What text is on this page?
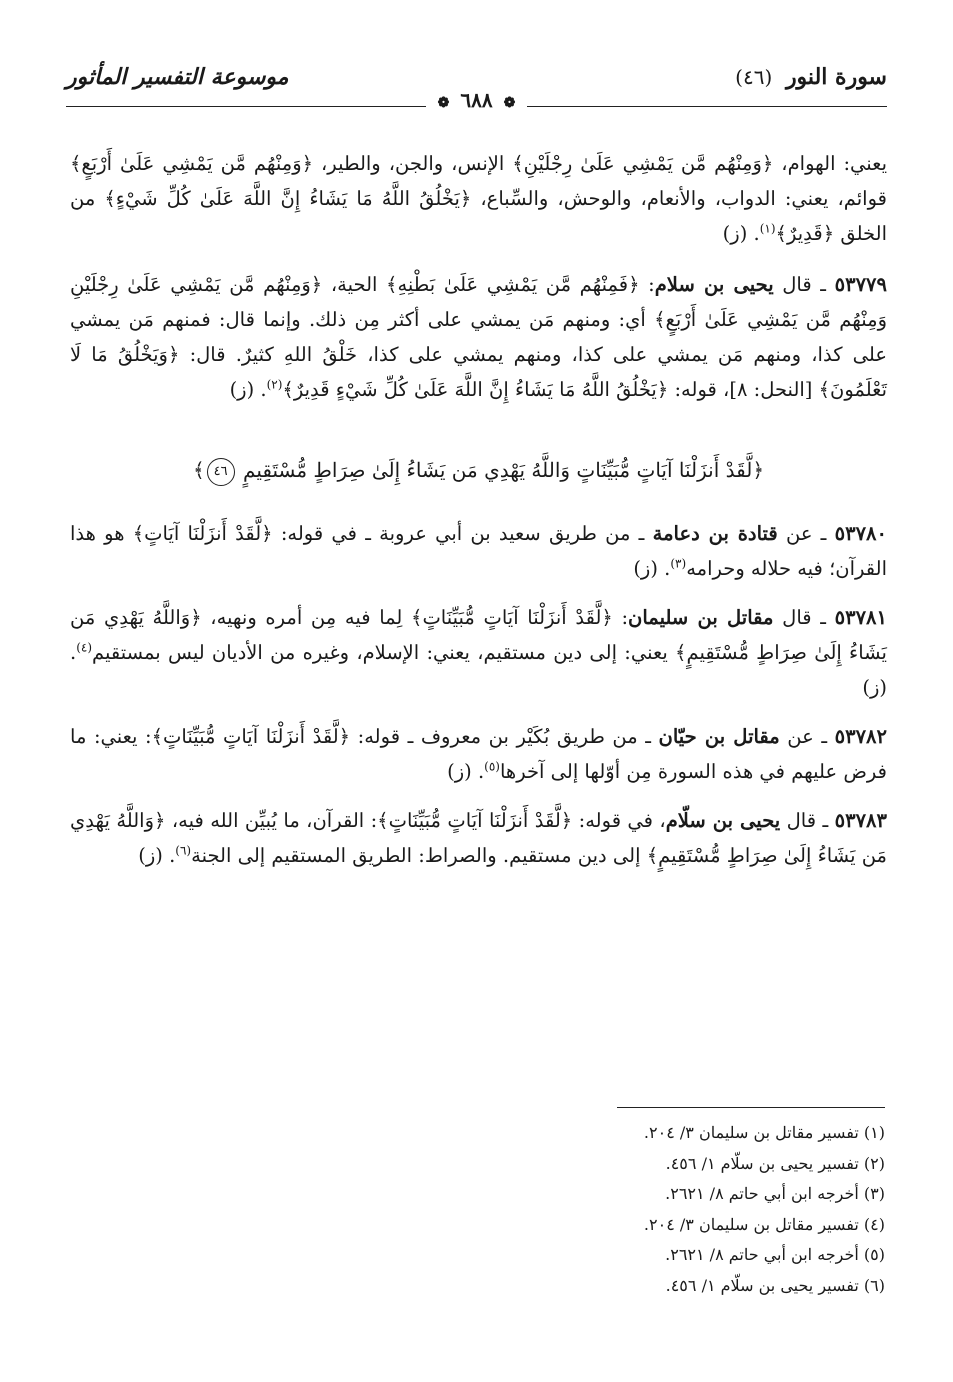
سورة النور (٤٦)
موسوعة التفسير المأثور
❁ ٦٨٨ ❁

يعني: الهوام، ﴿وَمِنْهُم مَّن يَمْشِي عَلَىٰ رِجْلَيْنِ﴾ الإنس، والجن، والطير، ﴿وَمِنْهُم مَّن يَمْشِي عَلَىٰ أَرْبَعٍ﴾ قوائم، يعني: الدواب، والأنعام، والوحش، والسِّباع، ﴿يَخْلُقُ اللَّهُ مَا يَشَاءُ إِنَّ اللَّهَ عَلَىٰ كُلِّ شَيْءٍ﴾ من الخلق ﴿قَدِيرٌ﴾$^{(١)}$. (ز)

٥٣٧٧٩ ـ قال يحيى بن سلام: ﴿فَمِنْهُم مَّن يَمْشِي عَلَىٰ بَطْنِهِ﴾ الحية، ﴿وَمِنْهُم مَّن يَمْشِي عَلَىٰ رِجْلَيْنِ وَمِنْهُم مَّن يَمْشِي عَلَىٰ أَرْبَعٍ﴾ أي: ومنهم مَن يمشي على أكثر مِن ذلك. وإنما قال: فمنهم مَن يمشي على كذا، ومنهم مَن يمشي على كذا، ومنهم يمشي على كذا، خَلْقُ اللهِ كثيرٌ. قال: ﴿وَيَخْلُقُ مَا لَا تَعْلَمُونَ﴾ [النحل: ٨]، قوله: ﴿يَخْلُقُ اللَّهُ مَا يَشَاءُ إِنَّ اللَّهَ عَلَىٰ كُلِّ شَيْءٍ قَدِيرٌ﴾$^{(٢)}$. (ز)

﴿لَّقَدْ أَنزَلْنَا آيَاتٍ مُّبَيِّنَاتٍ وَاللَّهُ يَهْدِي مَن يَشَاءُ إِلَىٰ صِرَاطٍ مُّسْتَقِيمٍ ٤٦﴾

٥٣٧٨٠ ـ عن قتادة بن دعامة ـ من طريق سعيد بن أبي عروبة ـ في قوله: ﴿لَّقَدْ أَنزَلْنَا آيَاتٍ﴾ هو هذا القرآن؛ فيه حلاله وحرامه$^{(٣)}$. (ز)

٥٣٧٨١ ـ قال مقاتل بن سليمان: ﴿لَّقَدْ أَنزَلْنَا آيَاتٍ مُّبَيِّنَاتٍ﴾ لِما فيه مِن أمره ونهيه، ﴿وَاللَّهُ يَهْدِي مَن يَشَاءُ إِلَىٰ صِرَاطٍ مُّسْتَقِيمٍ﴾ يعني: إلى دين مستقيم، يعني: الإسلام، وغيره من الأديان ليس بمستقيم$^{(٤)}$. (ز)

٥٣٧٨٢ ـ عن مقاتل بن حيّان ـ من طريق بُكَيْر بن معروف ـ قوله: ﴿لَّقَدْ أَنزَلْنَا آيَاتٍ مُّبَيِّنَاتٍ﴾: يعني: ما فرض عليهم في هذه السورة مِن أوّلها إلى آخرها$^{(٥)}$. (ز)

٥٣٧٨٣ ـ قال يحيى بن سلّام، في قوله: ﴿لَّقَدْ أَنزَلْنَا آيَاتٍ مُّبَيِّنَاتٍ﴾: القرآن، ما يُبيِّن الله فيه، ﴿وَاللَّهُ يَهْدِي مَن يَشَاءُ إِلَىٰ صِرَاطٍ مُّسْتَقِيمٍ﴾ إلى دين مستقيم. والصراط: الطريق المستقيم إلى الجنة$^{(٦)}$. (ز)

(١) تفسير مقاتل بن سليمان ٣/ ٢٠٤.
(٢) تفسير يحيى بن سلّام ١/ ٤٥٦.
(٣) أخرجه ابن أبي حاتم ٨/ ٢٦٢١.
(٤) تفسير مقاتل بن سليمان ٣/ ٢٠٤.
(٥) أخرجه ابن أبي حاتم ٨/ ٢٦٢١.
(٦) تفسير يحيى بن سلّام ١/ ٤٥٦.
